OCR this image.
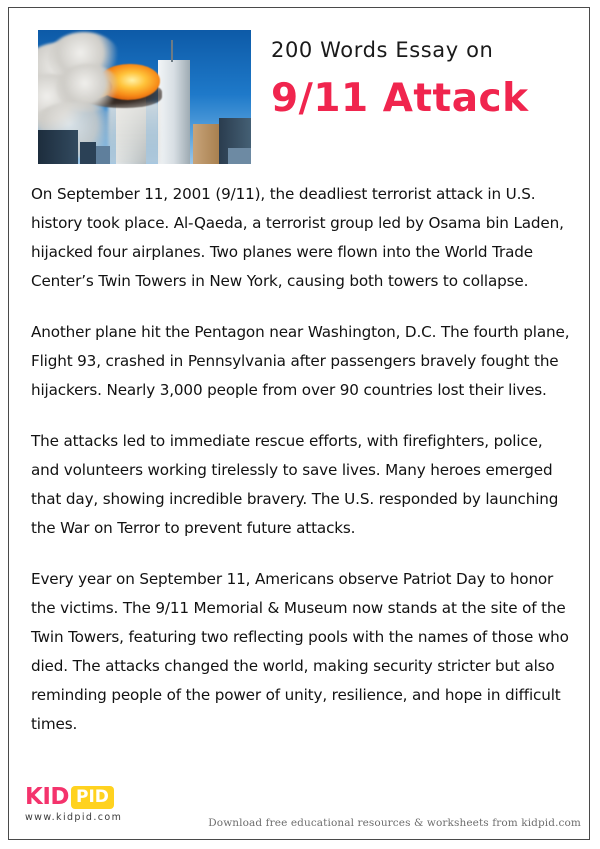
200 Words Essay on
9/11 Attack

On September 11, 2001 (9/11), the deadliest terrorist attack in U.S. history took place. Al-Qaeda, a terrorist group led by Osama bin Laden, hijacked four airplanes. Two planes were flown into the World Trade Center’s Twin Towers in New York, causing both towers to collapse.

Another plane hit the Pentagon near Washington, D.C. The fourth plane, Flight 93, crashed in Pennsylvania after passengers bravely fought the hijackers. Nearly 3,000 people from over 90 countries lost their lives.

The attacks led to immediate rescue efforts, with firefighters, police, and volunteers working tirelessly to save lives. Many heroes emerged that day, showing incredible bravery. The U.S. responded by launching the War on Terror to prevent future attacks.

Every year on September 11, Americans observe Patriot Day to honor the victims. The 9/11 Memorial & Museum now stands at the site of the Twin Towers, featuring two reflecting pools with the names of those who died. The attacks changed the world, making security stricter but also reminding people of the power of unity, resilience, and hope in difficult times.

KID PID
www.kidpid.com	Download free educational resources & worksheets from kidpid.com
